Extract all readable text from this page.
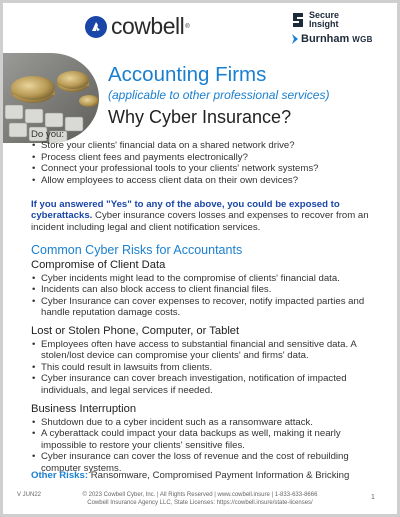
cowbell ®
Secure
Insight
Burnham WGB
Accounting Firms
(applicable to other professional services)
Why Cyber Insurance?
Do you:
• Store your clients' financial data on a shared network drive?
• Process client fees and payments electronically?
• Connect your professional tools to your clients' network systems?
• Allow employees to access client data on their own devices?
If you answered "Yes" to any of the above, you could be exposed to cyberattacks. Cyber insurance covers losses and expenses to recover from an incident including legal and client notification services.
Common Cyber Risks for Accountants
Compromise of Client Data
• Cyber incidents might lead to the compromise of clients' financial data.
• Incidents can also block access to client financial files.
• Cyber Insurance can cover expenses to recover, notify impacted parties and handle reputation damage costs.
Lost or Stolen Phone, Computer, or Tablet
• Employees often have access to substantial financial and sensitive data. A stolen/lost device can compromise your clients' and firms' data.
• This could result in lawsuits from clients.
• Cyber insurance can cover breach investigation, notification of impacted individuals, and legal services if needed.
Business Interruption
• Shutdown due to a cyber incident such as a ransomware attack.
• A cyberattack could impact your data backups as well, making it nearly impossible to restore your clients' sensitive files.
• Cyber insurance can cover the loss of revenue and the cost of rebuilding computer systems.
Other Risks: Ransomware, Compromised Payment Information & Bricking
© 2023 Cowbell Cyber, Inc. | All Rights Reserved | www.cowbell.insure | 1-833-633-8666
Cowbell Insurance Agency LLC, State Licenses: https://cowbell.insure/state-licenses/
V JUN22	1
